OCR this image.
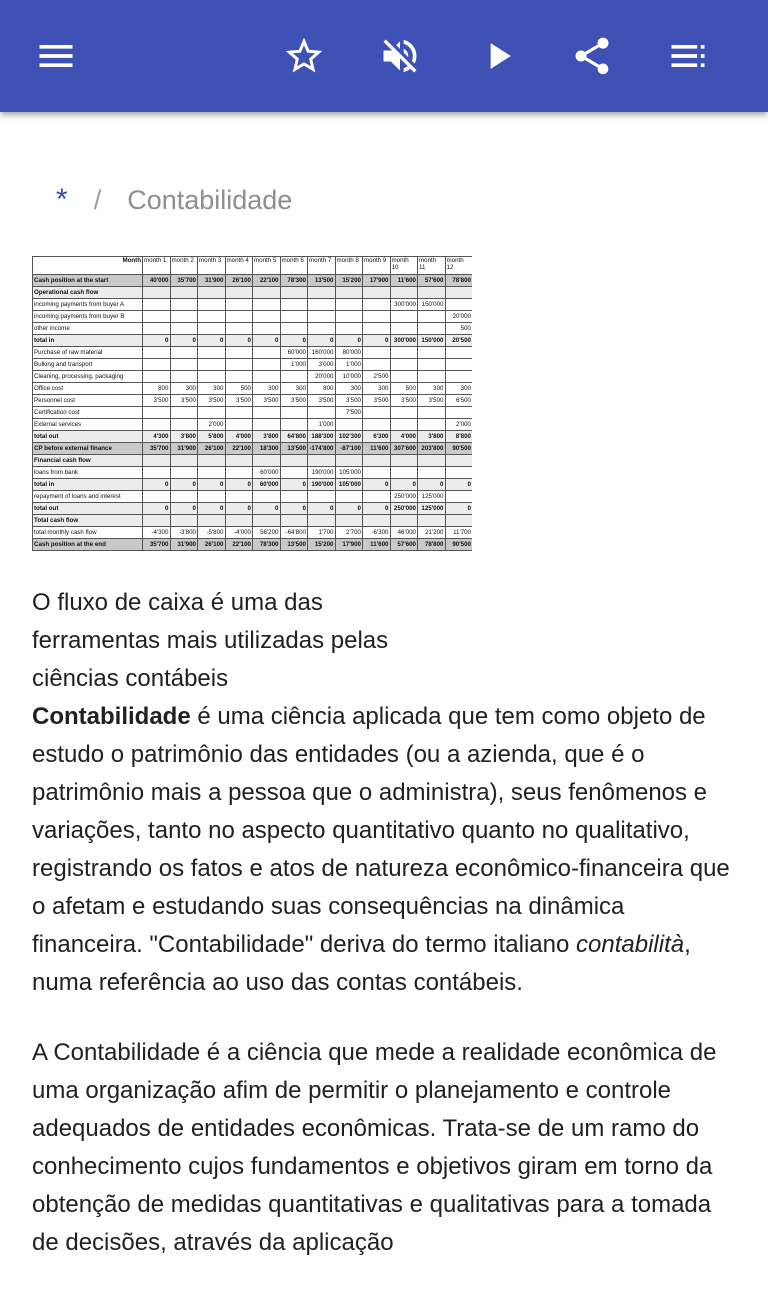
* / Contabilidade
Month	month 1	month 2	month 3	month 4	month 5	month 6	month 7	month 8	month 9	month 10	month 11	month 12
Cash position at the start	40'000	35'700	31'900	26'100	22'100	78'300	13'500	15'200	17'900	11'600	57'600	78'800
Operational cash flow												
incoming payments from buyer A										300'000	150'000	
incoming payments from buyer B												20'000
other income												500
total in	0	0	0	0	0	0	0	0	0	300'000	150'000	20'500
Purchase of raw material						60'000	160'000	80'000				
Bulking and transport						1'000	3'000	1'000				
Cleaning, processing, packaging							20'000	10'000	2'500			
Office cost	800	300	300	500	300	300	800	300	300	500	300	300
Personnel cost	3'500	3'500	3'500	3'500	3'500	3'500	3'500	3'500	3'500	3'500	3'500	6'500
Certification cost								7'500				
External services			2'000				1'000					2'000
total out	4'300	3'800	5'800	4'000	3'800	64'800	188'300	102'300	6'300	4'000	3'800	8'800
CP before external finance	35'700	31'900	26'100	22'100	18'300	13'500	-174'800	-87'100	11'600	307'600	203'800	90'500
Financial cash flow												
loans from bank					60'000		190'000	105'000				
total in	0	0	0	0	60'000	0	190'000	105'000	0	0	0	0
repayment of loans and interest										250'000	125'000	
total out	0	0	0	0	0	0	0	0	0	250'000	125'000	0
Total cash flow												
total monthly cash flow	-4'300	-3'800	-5'800	-4'000	56'200	-64'800	1'700	2'700	-6'300	46'000	21'200	11'700
Cash position at the end	35'700	31'900	26'100	22'100	78'300	13'500	15'200	17'900	11'600	57'600	78'800	90'500
O fluxo de caixa é uma das ferramentas mais utilizadas pelas ciências contábeis

Contabilidade é uma ciência aplicada que tem como objeto de estudo o patrimônio das entidades (ou a azienda, que é o patrimônio mais a pessoa que o administra), seus fenômenos e variações, tanto no aspecto quantitativo quanto no qualitativo, registrando os fatos e atos de natureza econômico-financeira que o afetam e estudando suas consequências na dinâmica financeira. "Contabilidade" deriva do termo italiano contabilità, numa referência ao uso das contas contábeis.

A Contabilidade é a ciência que mede a realidade econômica de uma organização afim de permitir o planejamento e controle adequados de entidades econômicas. Trata-se de um ramo do conhecimento cujos fundamentos e objetivos giram em torno da obtenção de medidas quantitativas e qualitativas para a tomada de decisões, através da aplicação
